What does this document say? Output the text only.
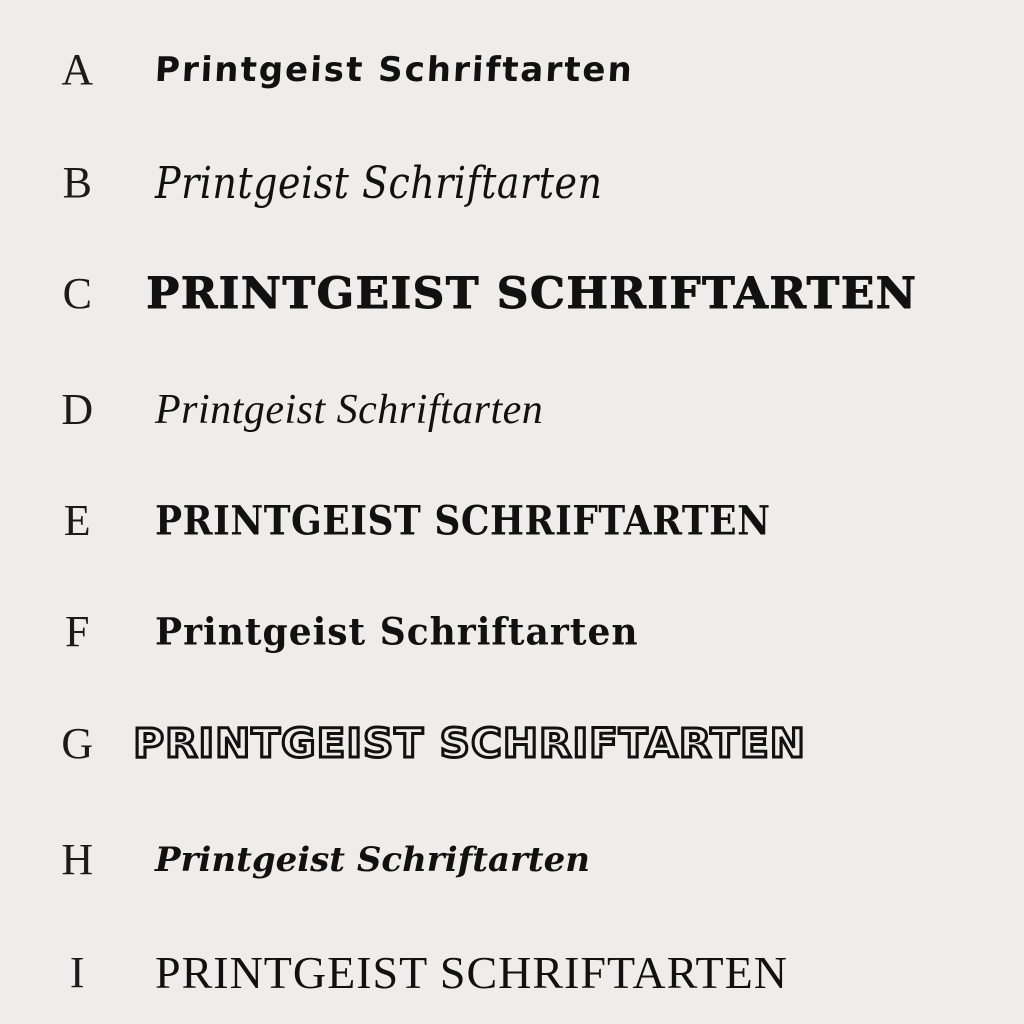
A	Printgeist Schriftarten
B	Printgeist Schriftarten
C	PRINTGEIST SCHRIFTARTEN
D	Printgeist Schriftarten
E	PRINTGEIST SCHRIFTARTEN
F	Printgeist Schriftarten
G PRINTGEIST SCHRIFTARTEN
H	Printgeist Schriftarten
I	PRINTGEIST SCHRIFTARTEN
